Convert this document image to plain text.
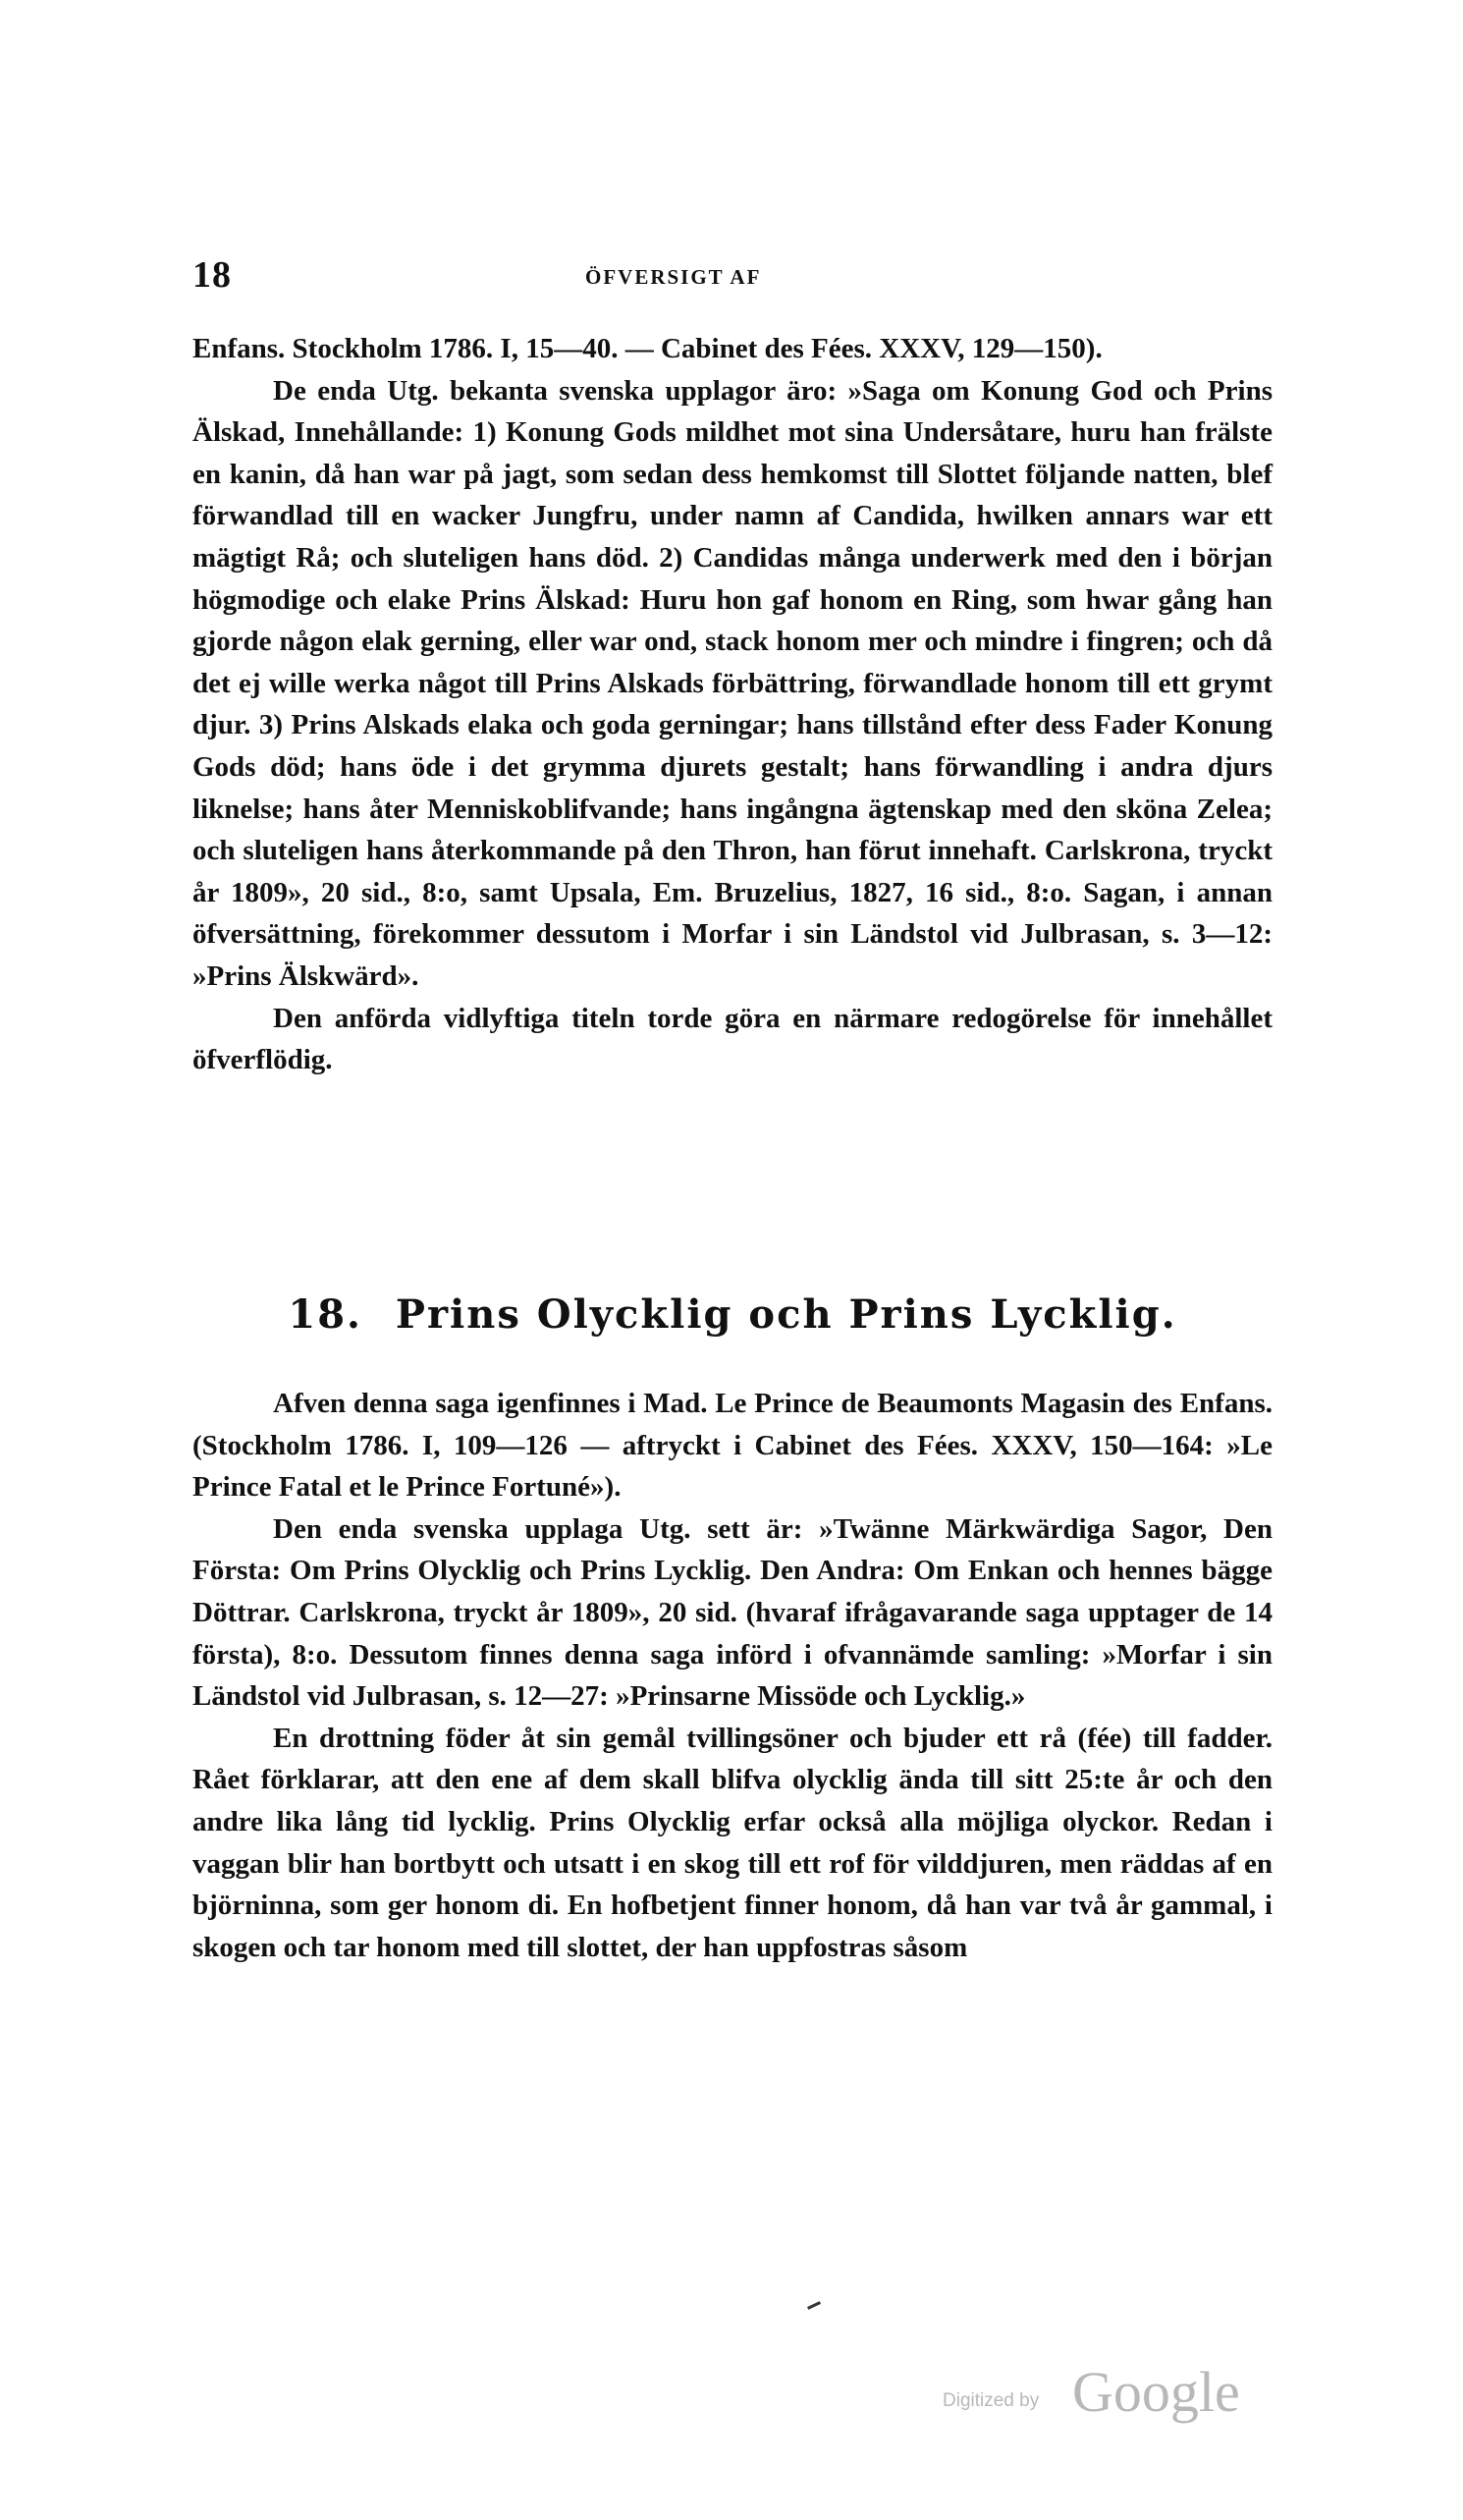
18	ÖFVERSIGT AF

Enfans. Stockholm 1786. I, 15—40. — Cabinet des Fées. XXXV, 129—150).

De enda Utg. bekanta svenska upplagor äro: »Saga om Konung God och Prins Älskad, Innehållande: 1) Konung Gods mildhet mot sina Undersåtare, huru han frälste en kanin, då han war på jagt, som sedan dess hemkomst till Slottet följande natten, blef förwandlad till en wacker Jungfru, under namn af Candida, hwilken annars war ett mägtigt Rå; och sluteligen hans död. 2) Candidas många underwerk med den i början högmodige och elake Prins Älskad: Huru hon gaf honom en Ring, som hwar gång han gjorde någon elak gerning, eller war ond, stack honom mer och mindre i fingren; och då det ej wille werka något till Prins Alskads förbättring, förwandlade honom till ett grymt djur. 3) Prins Alskads elaka och goda gerningar; hans tillstånd efter dess Fader Konung Gods död; hans öde i det grymma djurets gestalt; hans förwandling i andra djurs liknelse; hans åter Menniskoblifvande; hans ingångna ägtenskap med den sköna Zelea; och sluteligen hans återkommande på den Thron, han förut innehaft. Carlskrona, tryckt år 1809», 20 sid., 8:o, samt Upsala, Em. Bruzelius, 1827, 16 sid., 8:o. Sagan, i annan öfversättning, förekommer dessutom i Morfar i sin Ländstol vid Julbrasan, s. 3—12: »Prins Älskwärd».

Den anförda vidlyftiga titeln torde göra en närmare redogörelse för innehållet öfverflödig.

18. Prins Olycklig och Prins Lycklig.

Afven denna saga igenfinnes i Mad. Le Prince de Beaumonts Magasin des Enfans. (Stockholm 1786. I, 109—126 — aftryckt i Cabinet des Fées. XXXV, 150—164: »Le Prince Fatal et le Prince Fortuné»).

Den enda svenska upplaga Utg. sett är: »Twänne Märkwärdiga Sagor, Den Första: Om Prins Olycklig och Prins Lycklig. Den Andra: Om Enkan och hennes bägge Döttrar. Carlskrona, tryckt år 1809», 20 sid. (hvaraf ifrågavarande saga upptager de 14 första), 8:o. Dessutom finnes denna saga införd i ofvannämde samling: »Morfar i sin Ländstol vid Julbrasan, s. 12—27: »Prinsarne Missöde och Lycklig.»

En drottning föder åt sin gemål tvillingsöner och bjuder ett rå (fée) till fadder. Rået förklarar, att den ene af dem skall blifva olycklig ända till sitt 25:te år och den andre lika lång tid lycklig. Prins Olycklig erfar också alla möjliga olyckor. Redan i vaggan blir han bortbytt och utsatt i en skog till ett rof för vilddjuren, men räddas af en björninna, som ger honom di. En hofbetjent finner honom, då han var två år gammal, i skogen och tar honom med till slottet, der han uppfostras såsom

Digitized by Google
